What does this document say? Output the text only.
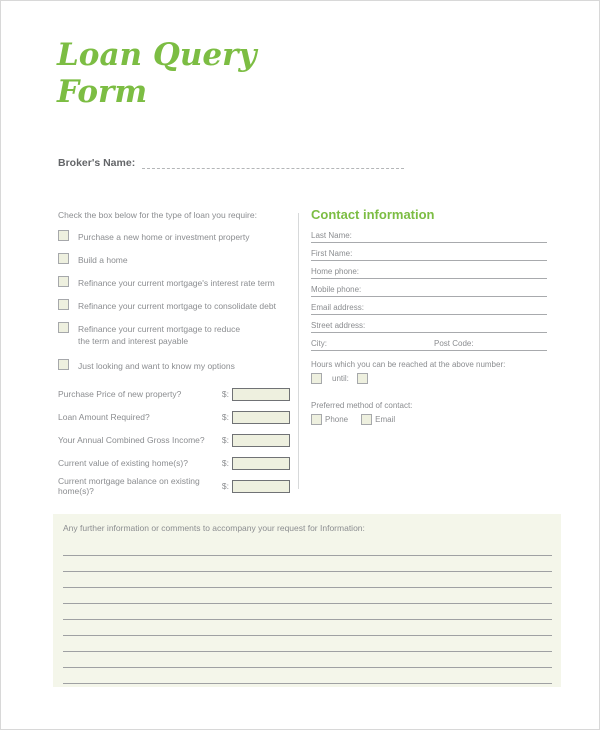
Loan Query
Form
Broker's Name:
Check the box below for the type of loan you require:
Purchase a new home or investment property
Build a home
Refinance your current mortgage's interest rate term
Refinance your current mortgage to consolidate debt
Refinance your current mortgage to reduce the term and interest payable
Just looking and want to know my options
Purchase Price of new property?	$:
Loan Amount Required?	$:
Your Annual Combined Gross Income?	$:
Current value of existing home(s)?	$:
Current mortgage balance on existing home(s)?	$:
Contact information
Last Name:
First Name:
Home phone:
Mobile phone:
Email address:
Street address:
City:	Post Code:
Hours which you can be reached at the above number:
until:
Preferred method of contact:
Phone	Email
Any further information or comments to accompany your request for Information:
